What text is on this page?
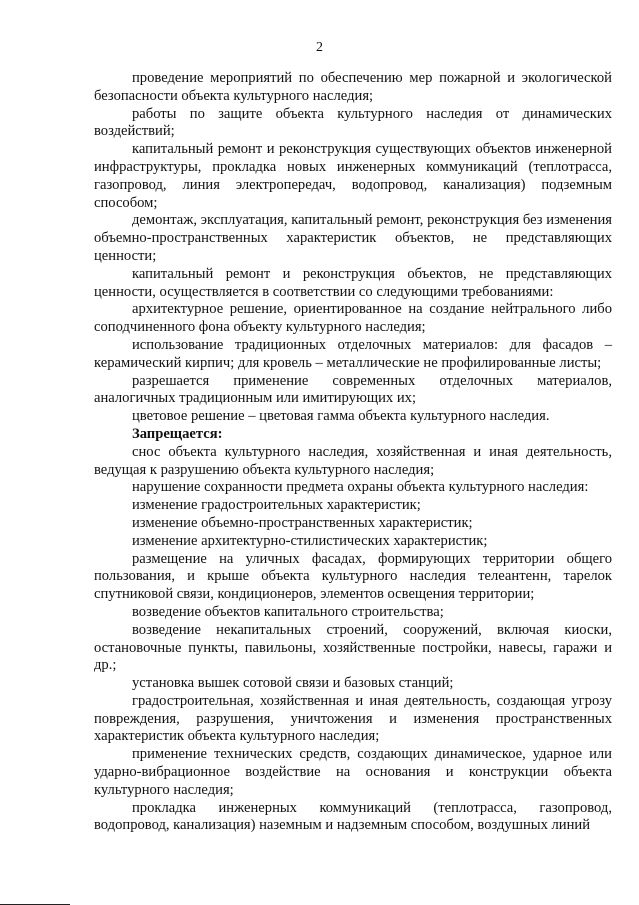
2

проведение мероприятий по обеспечению мер пожарной и экологической безопасности объекта культурного наследия;

работы по защите объекта культурного наследия от динамических воздействий;

капитальный ремонт и реконструкция существующих объектов инженерной инфраструктуры, прокладка новых инженерных коммуникаций (теплотрасса, газопровод, линия электропередач, водопровод, канализация) подземным способом;

демонтаж, эксплуатация, капитальный ремонт, реконструкция без изменения объемно-пространственных характеристик объектов, не представляющих ценности;

капитальный ремонт и реконструкция объектов, не представляющих ценности, осуществляется в соответствии со следующими требованиями:

архитектурное решение, ориентированное на создание нейтрального либо соподчиненного фона объекту культурного наследия;

использование традиционных отделочных материалов: для фасадов – керамический кирпич; для кровель – металлические не профилированные листы;

разрешается применение современных отделочных материалов, аналогичных традиционным или имитирующих их;

цветовое решение – цветовая гамма объекта культурного наследия.

Запрещается:

снос объекта культурного наследия, хозяйственная и иная деятельность, ведущая к разрушению объекта культурного наследия;

нарушение сохранности предмета охраны объекта культурного наследия:

изменение градостроительных характеристик;

изменение объемно-пространственных характеристик;

изменение архитектурно-стилистических характеристик;

размещение на уличных фасадах, формирующих территории общего пользования, и крыше объекта культурного наследия телеантенн, тарелок спутниковой связи, кондиционеров, элементов освещения территории;

возведение объектов капитального строительства;

возведение некапитальных строений, сооружений, включая киоски, остановочные пункты, павильоны, хозяйственные постройки, навесы, гаражи и др.;

установка вышек сотовой связи и базовых станций;

градостроительная, хозяйственная и иная деятельность, создающая угрозу повреждения, разрушения, уничтожения и изменения пространственных характеристик объекта культурного наследия;

применение технических средств, создающих динамическое, ударное или ударно-вибрационное воздействие на основания и конструкции объекта культурного наследия;

прокладка инженерных коммуникаций (теплотрасса, газопровод, водопровод, канализация) наземным и надземным способом, воздушных линий
